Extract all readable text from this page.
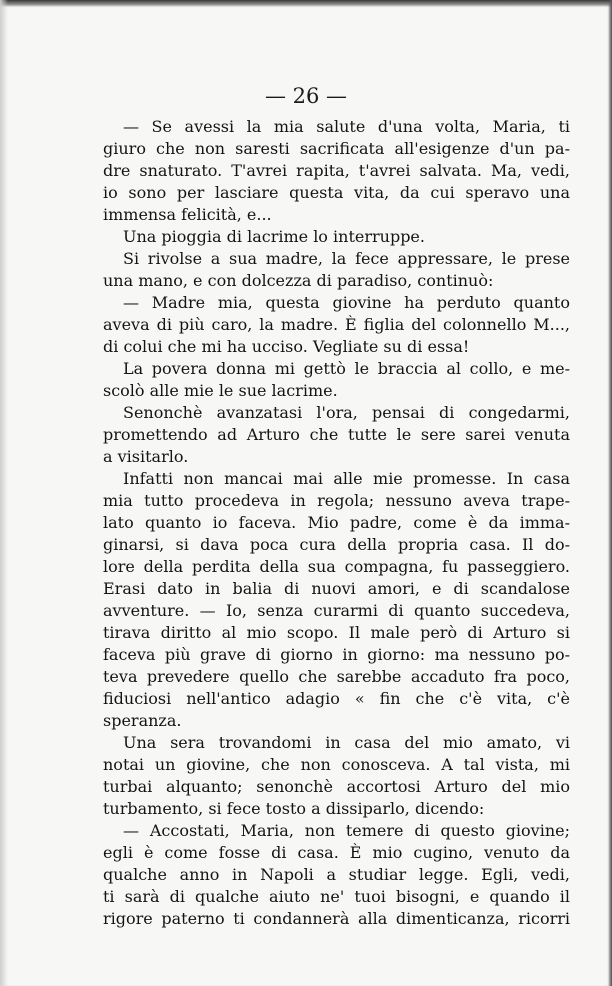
— 26 —

— Se avessi la mia salute d'una volta, Maria, ti
giuro che non saresti sacrificata all'esigenze d'un pa-
dre snaturato. T'avrei rapita, t'avrei salvata. Ma, vedi,
io sono per lasciare questa vita, da cui speravo una
immensa felicità, e...
Una pioggia di lacrime lo interruppe.
Si rivolse a sua madre, la fece appressare, le prese
una mano, e con dolcezza di paradiso, continuò:
— Madre mia, questa giovine ha perduto quanto
aveva di più caro, la madre. È figlia del colonnello M...,
di colui che mi ha ucciso. Vegliate su di essa!
La povera donna mi gettò le braccia al collo, e me-
scolò alle mie le sue lacrime.
Senonchè avanzatasi l'ora, pensai di congedarmi,
promettendo ad Arturo che tutte le sere sarei venuta
a visitarlo.
Infatti non mancai mai alle mie promesse. In casa
mia tutto procedeva in regola; nessuno aveva trape-
lato quanto io faceva. Mio padre, come è da imma-
ginarsi, si dava poca cura della propria casa. Il do-
lore della perdita della sua compagna, fu passeggiero.
Erasi dato in balia di nuovi amori, e di scandalose
avventure. — Io, senza curarmi di quanto succedeva,
tirava diritto al mio scopo. Il male però di Arturo si
faceva più grave di giorno in giorno: ma nessuno po-
teva prevedere quello che sarebbe accaduto fra poco,
fiduciosi nell'antico adagio « fin che c'è vita, c'è
speranza.
Una sera trovandomi in casa del mio amato, vi
notai un giovine, che non conosceva. A tal vista, mi
turbai alquanto; senonchè accortosi Arturo del mio
turbamento, si fece tosto a dissiparlo, dicendo:
— Accostati, Maria, non temere di questo giovine;
egli è come fosse di casa. È mio cugino, venuto da
qualche anno in Napoli a studiar legge. Egli, vedi,
ti sarà di qualche aiuto ne' tuoi bisogni, e quando il
rigore paterno ti condannerà alla dimenticanza, ricorri
